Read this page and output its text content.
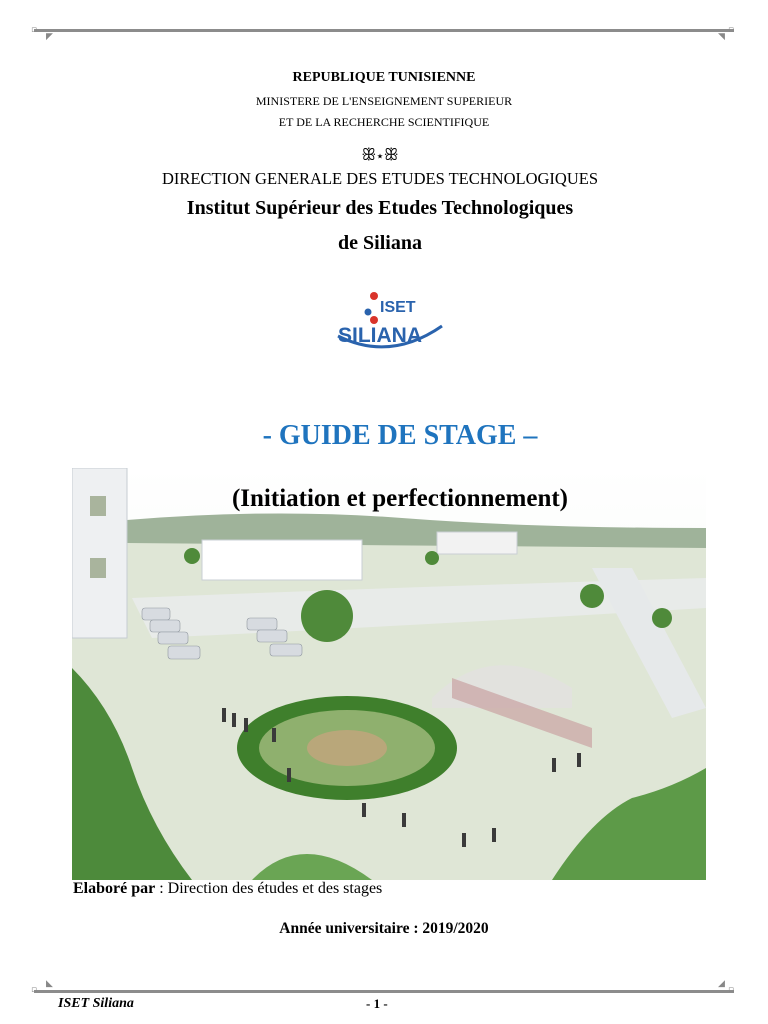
▫
◤
▫
◥
▫
◣
▫
◢
REPUBLIQUE TUNISIENNE
MINISTERE DE L'ENSEIGNEMENT SUPERIEUR
ET DE LA RECHERCHE SCIENTIFIQUE
ꕥ⋆ꕥ
DIRECTION GENERALE DES ETUDES TECHNOLOGIQUES
Institut Supérieur des Etudes Technologiques
de Siliana
ISET
SILIANA
- GUIDE DE STAGE –
(Initiation et perfectionnement)
Elaboré par : Direction des études et des stages
Année universitaire : 2019/2020
ISET Siliana	- 1 -
